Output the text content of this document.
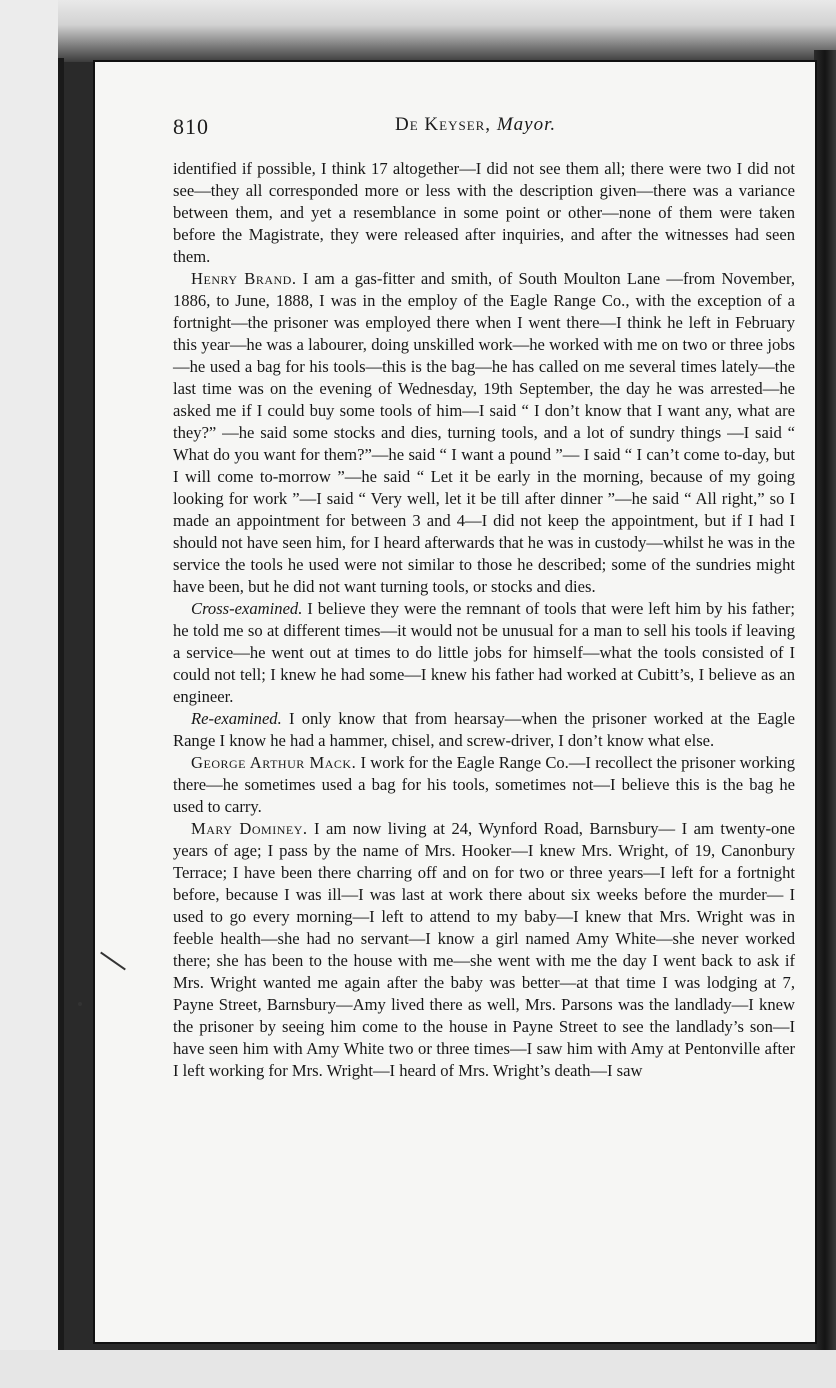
810	De Keyser, Mayor.

identified if possible, I think 17 altogether—I did not see them all; there were two I did not see—they all corresponded more or less with the description given—there was a variance between them, and yet a resemblance in some point or other—none of them were taken before the Magistrate, they were released after inquiries, and after the witnesses had seen them.

Henry Brand. I am a gas-fitter and smith, of South Moulton Lane —from November, 1886, to June, 1888, I was in the employ of the Eagle Range Co., with the exception of a fortnight—the prisoner was employed there when I went there—I think he left in February this year—he was a labourer, doing unskilled work—he worked with me on two or three jobs—he used a bag for his tools—this is the bag—he has called on me several times lately—the last time was on the evening of Wednesday, 19th September, the day he was arrested—he asked me if I could buy some tools of him—I said “ I don’t know that I want any, what are they?” —he said some stocks and dies, turning tools, and a lot of sundry things —I said “ What do you want for them?”—he said “ I want a pound ”— I said “ I can’t come to-day, but I will come to-morrow ”—he said “ Let it be early in the morning, because of my going looking for work ”—I said “ Very well, let it be till after dinner ”—he said “ All right,” so I made an appointment for between 3 and 4—I did not keep the appointment, but if I had I should not have seen him, for I heard afterwards that he was in custody—whilst he was in the service the tools he used were not similar to those he described; some of the sundries might have been, but he did not want turning tools, or stocks and dies.

Cross-examined. I believe they were the remnant of tools that were left him by his father; he told me so at different times—it would not be unusual for a man to sell his tools if leaving a service—he went out at times to do little jobs for himself—what the tools consisted of I could not tell; I knew he had some—I knew his father had worked at Cubitt’s, I believe as an engineer.

Re-examined. I only know that from hearsay—when the prisoner worked at the Eagle Range I know he had a hammer, chisel, and screw-driver, I don’t know what else.

George Arthur Mack. I work for the Eagle Range Co.—I recollect the prisoner working there—he sometimes used a bag for his tools, sometimes not—I believe this is the bag he used to carry.

Mary Dominey. I am now living at 24, Wynford Road, Barnsbury— I am twenty-one years of age; I pass by the name of Mrs. Hooker—I knew Mrs. Wright, of 19, Canonbury Terrace; I have been there charring off and on for two or three years—I left for a fortnight before, because I was ill—I was last at work there about six weeks before the murder— I used to go every morning—I left to attend to my baby—I knew that Mrs. Wright was in feeble health—she had no servant—I know a girl named Amy White—she never worked there; she has been to the house with me—she went with me the day I went back to ask if Mrs. Wright wanted me again after the baby was better—at that time I was lodging at 7, Payne Street, Barnsbury—Amy lived there as well, Mrs. Parsons was the landlady—I knew the prisoner by seeing him come to the house in Payne Street to see the landlady’s son—I have seen him with Amy White two or three times—I saw him with Amy at Pentonville after I left working for Mrs. Wright—I heard of Mrs. Wright’s death—I saw
